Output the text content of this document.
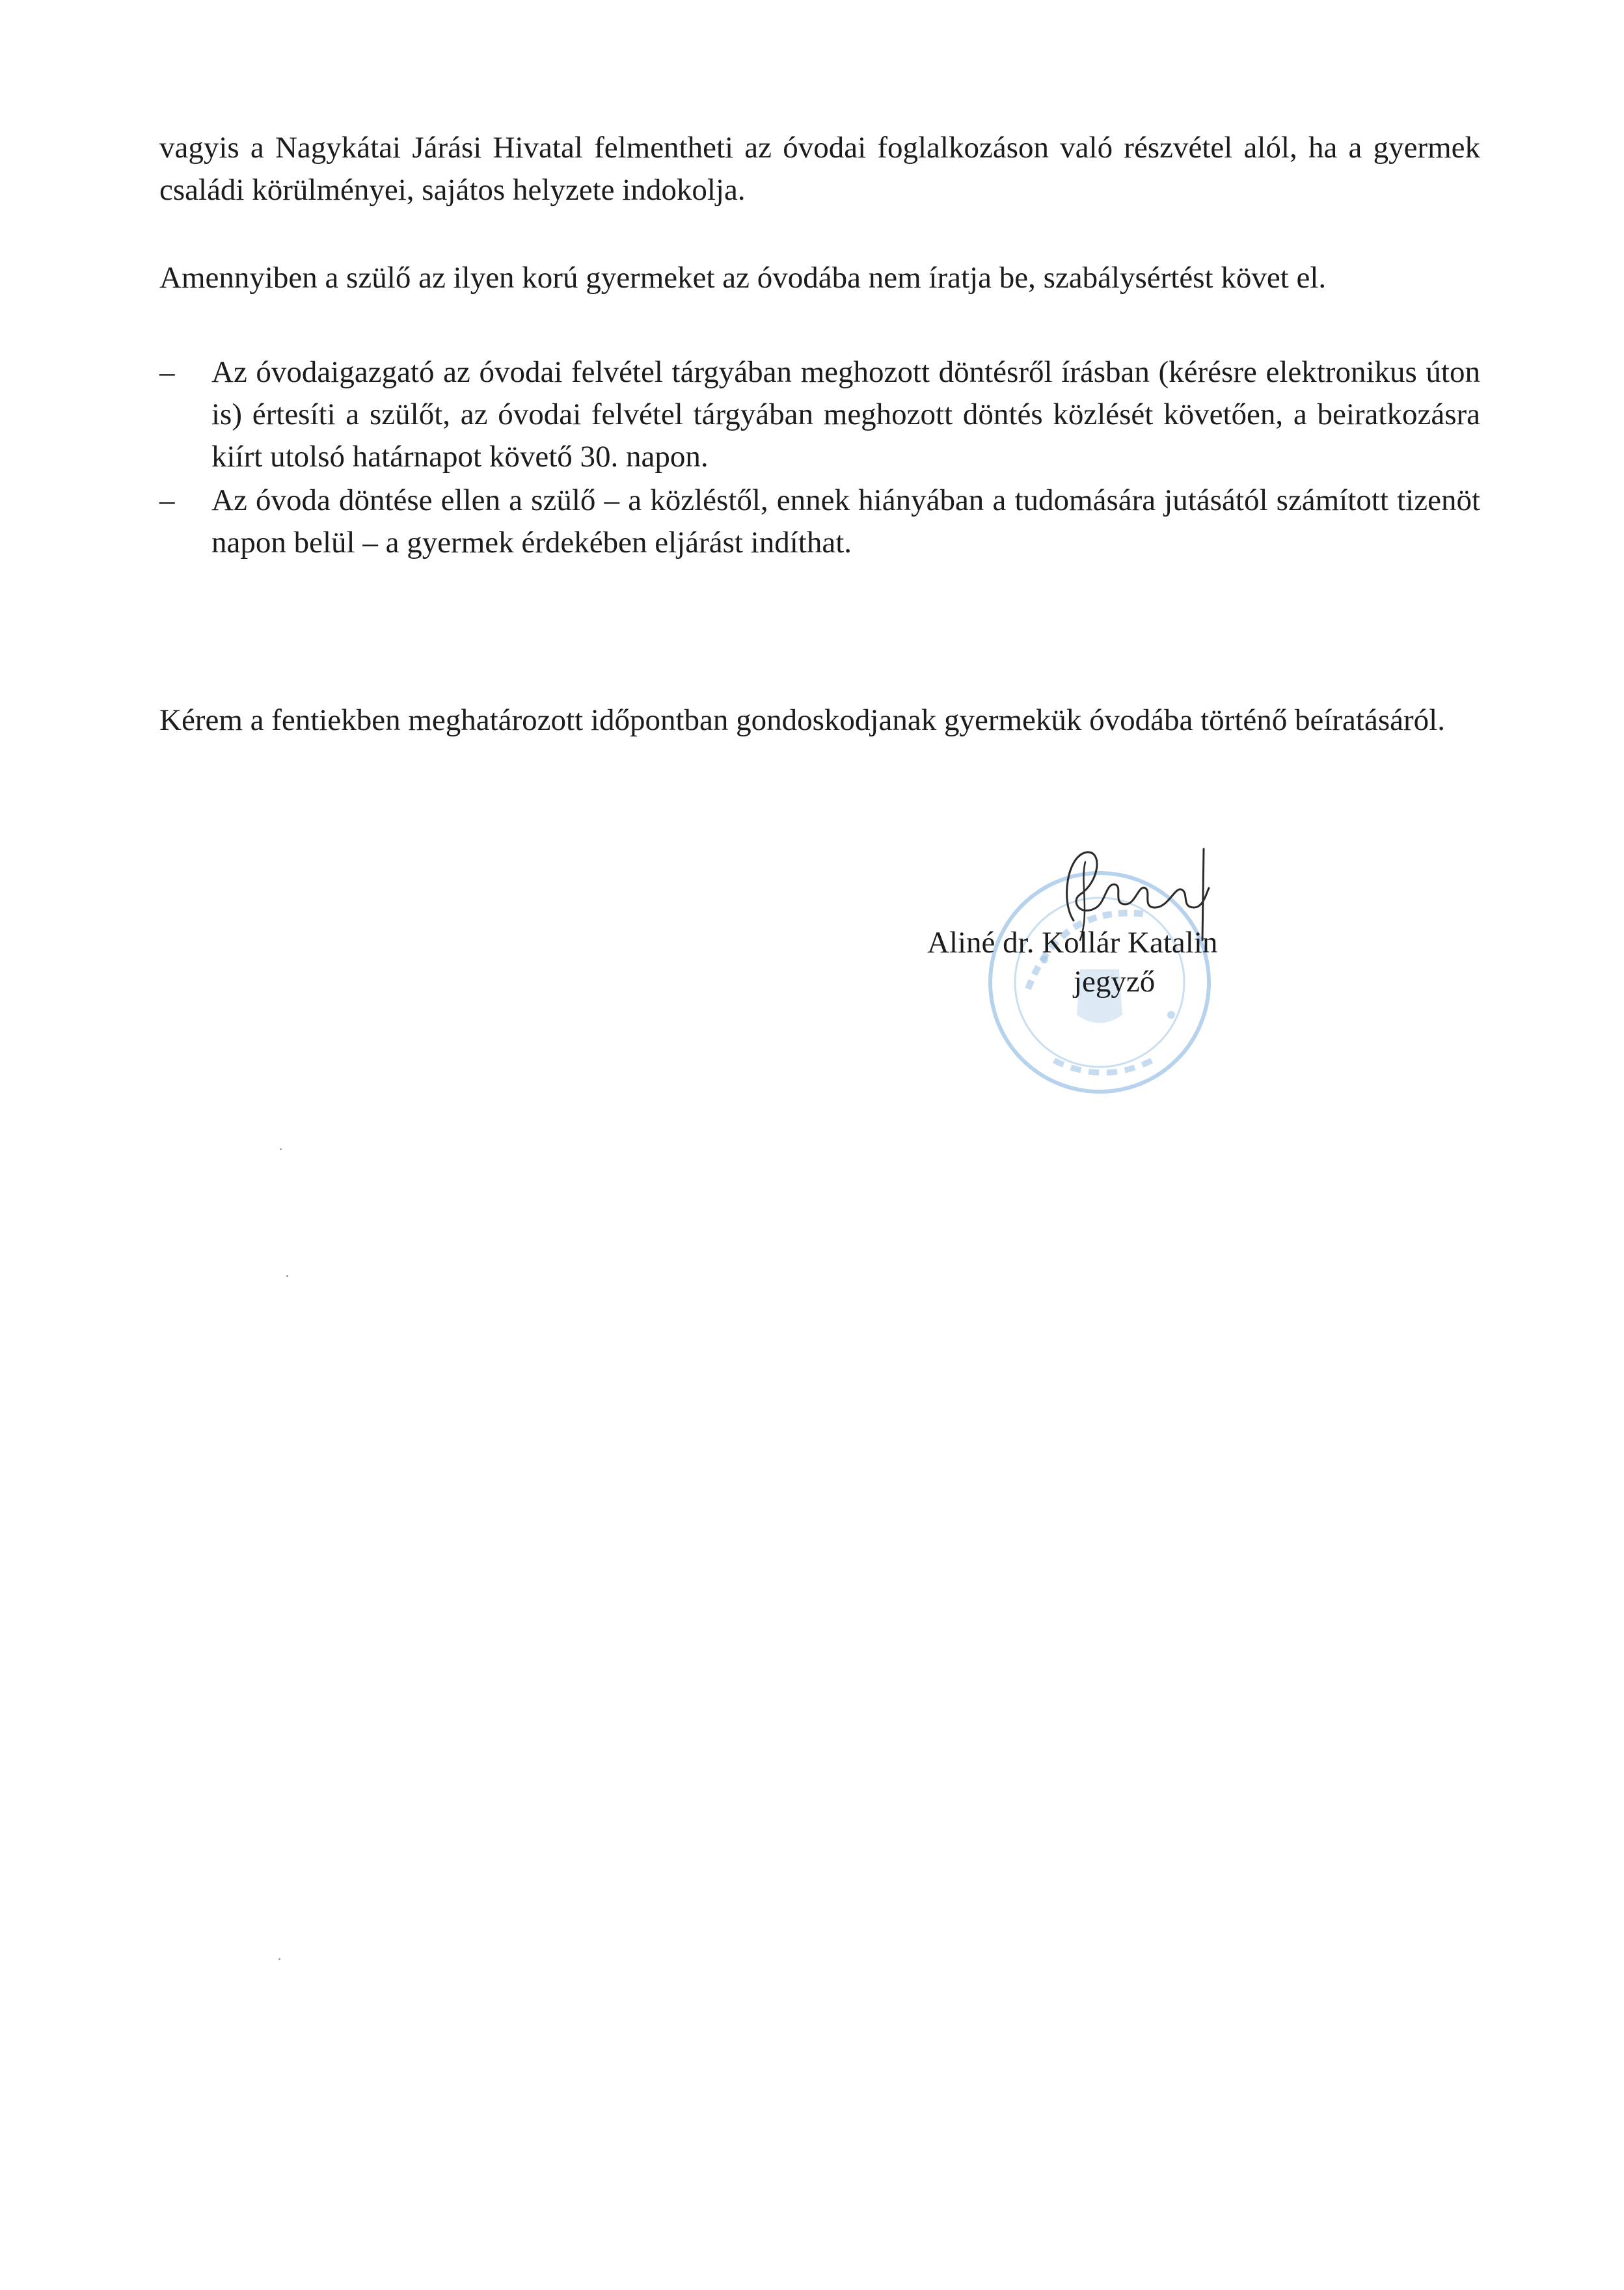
vagyis a Nagykátai Járási Hivatal felmentheti az óvodai foglalkozáson való részvétel alól, ha a gyermek családi körülményei, sajátos helyzete indokolja.

Amennyiben a szülő az ilyen korú gyermeket az óvodába nem íratja be, szabálysértést követ el.

– Az óvodaigazgató az óvodai felvétel tárgyában meghozott döntésről írásban (kérésre elektronikus úton is) értesíti a szülőt, az óvodai felvétel tárgyában meghozott döntés közlését követően, a beiratkozásra kiírt utolsó határnapot követő 30. napon.
– Az óvoda döntése ellen a szülő – a közléstől, ennek hiányában a tudomására jutásától számított tizenöt napon belül – a gyermek érdekében eljárást indíthat.

Kérem a fentiekben meghatározott időpontban gondoskodjanak gyermekük óvodába történő beíratásáról.

Aliné dr. Kollár Katalin
jegyző
